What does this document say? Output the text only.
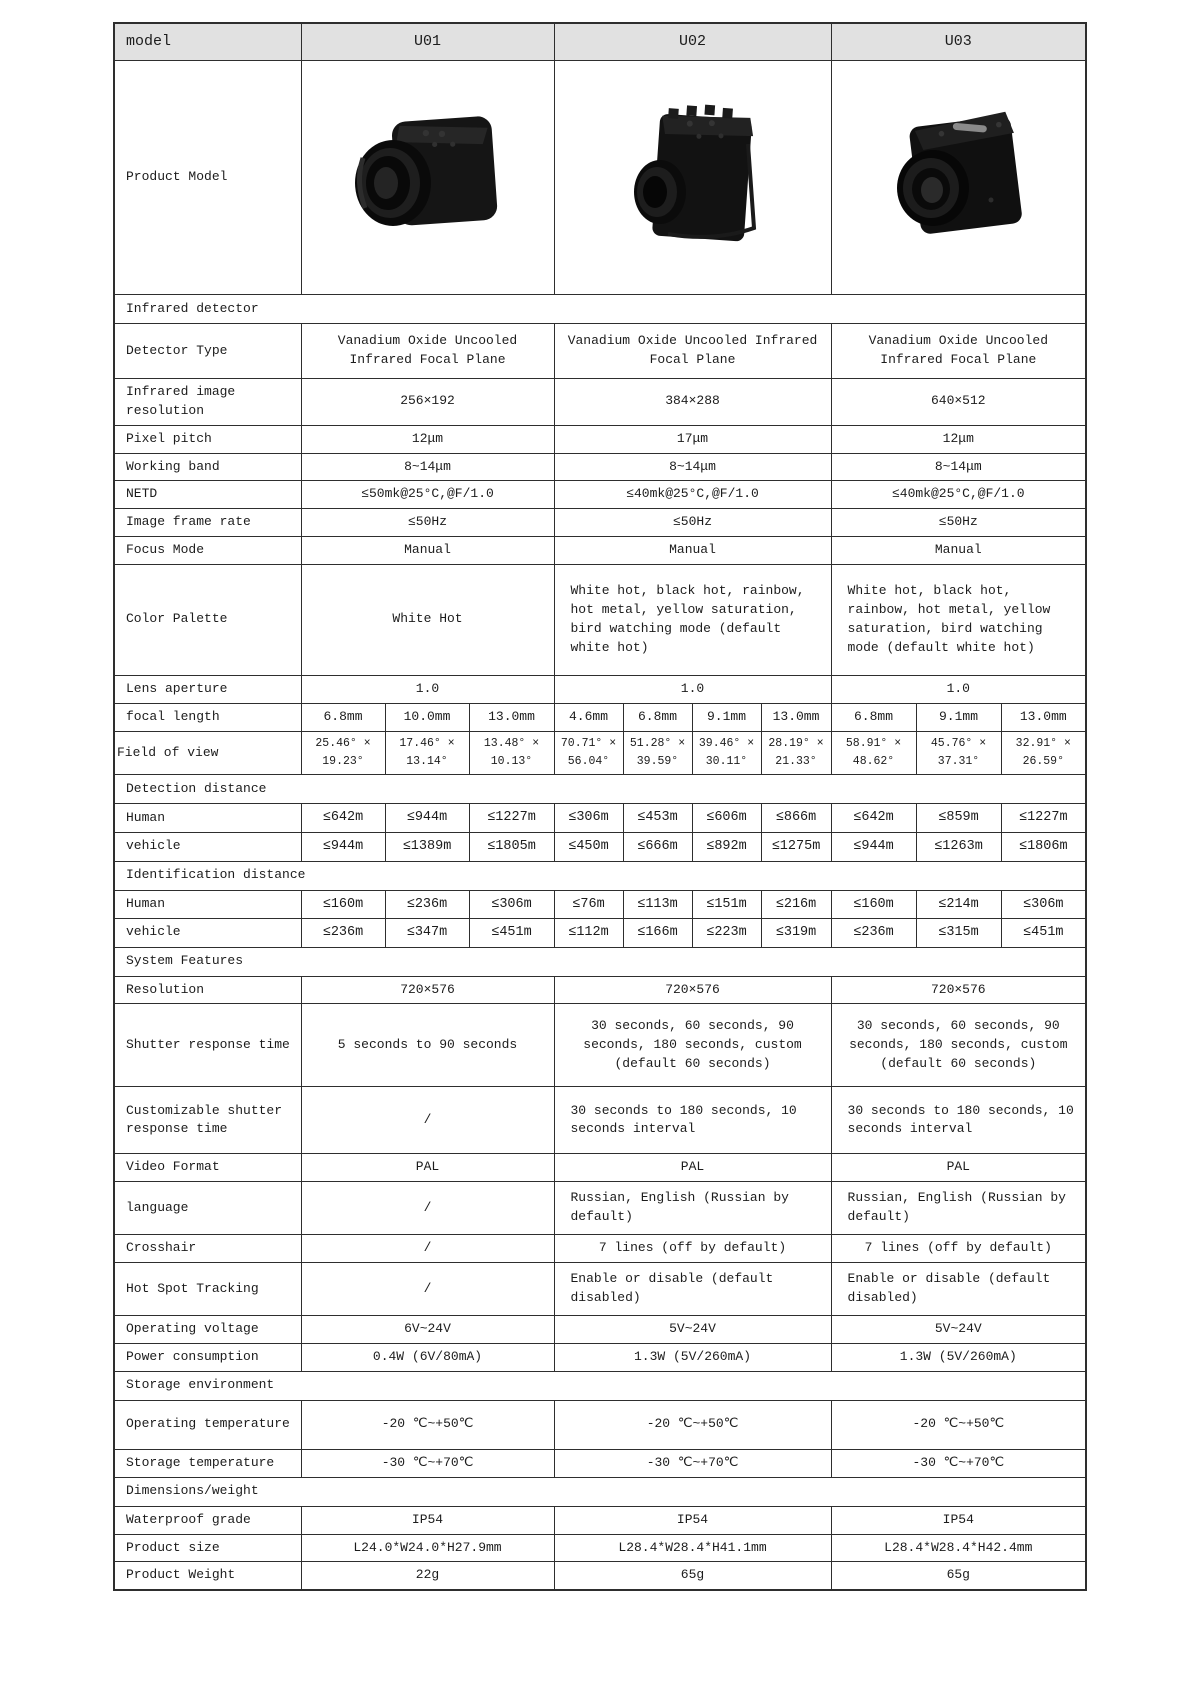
model	U01			U02				U03		
Product Model	

Infrared detector										
Detector Type	Vanadium Oxide Uncooled Infrared Focal Plane			Vanadium Oxide Uncooled Infrared Focal Plane				Vanadium Oxide Uncooled Infrared Focal Plane		
Infrared image resolution	256×192			384×288				640×512		
Pixel pitch	12μm			17μm				12μm		
Working band	8~14μm			8~14μm				8~14μm		
NETD	≤50mk@25°C,@F/1.0			≤40mk@25°C,@F/1.0				≤40mk@25°C,@F/1.0		
Image frame rate	≤50Hz			≤50Hz				≤50Hz		
Focus Mode	Manual			Manual				Manual		
Color Palette	White Hot			White hot, black hot, rainbow, hot metal, yellow saturation, bird watching mode (default white hot)				White hot, black hot, rainbow, hot metal, yellow saturation, bird watching mode (default white hot)		
Lens aperture	1.0			1.0				1.0		
focal length	6.8mm	10.0mm	13.0mm	4.6mm	6.8mm	9.1mm	13.0mm	6.8mm	9.1mm	13.0mm
Field of view	25.46° × 19.23°	17.46° × 13.14°	13.48° × 10.13°	70.71° × 56.04°	51.28° × 39.59°	39.46° × 30.11°	28.19° × 21.33°	58.91° × 48.62°	45.76° × 37.31°	32.91° × 26.59°
Detection distance										
Human	≤642m	≤944m	≤1227m	≤306m	≤453m	≤606m	≤866m	≤642m	≤859m	≤1227m
vehicle	≤944m	≤1389m	≤1805m	≤450m	≤666m	≤892m	≤1275m	≤944m	≤1263m	≤1806m
Identification distance										
Human	≤160m	≤236m	≤306m	≤76m	≤113m	≤151m	≤216m	≤160m	≤214m	≤306m
vehicle	≤236m	≤347m	≤451m	≤112m	≤166m	≤223m	≤319m	≤236m	≤315m	≤451m
System Features										
Resolution	720×576			720×576				720×576		
Shutter response time	5 seconds to 90 seconds			30 seconds, 60 seconds, 90 seconds, 180 seconds, custom (default 60 seconds)				30 seconds, 60 seconds, 90 seconds, 180 seconds, custom (default 60 seconds)		
Customizable shutter response time	/			30 seconds to 180 seconds, 10 seconds interval				30 seconds to 180 seconds, 10 seconds interval		
Video Format	PAL			PAL				PAL		
language	/			Russian, English (Russian by default)				Russian, English (Russian by default)		
Crosshair	/			7 lines (off by default)				7 lines (off by default)		
Hot Spot Tracking	/			Enable or disable (default disabled)				Enable or disable (default disabled)		
Operating voltage	6V~24V			5V~24V				5V~24V		
Power consumption	0.4W (6V/80mA)			1.3W (5V/260mA)				1.3W (5V/260mA)		
Storage environment										
Operating temperature	-20 ℃~+50℃			-20 ℃~+50℃				-20 ℃~+50℃		
Storage temperature	-30 ℃~+70℃			-30 ℃~+70℃				-30 ℃~+70℃		
Dimensions/weight										
Waterproof grade	IP54			IP54				IP54		
Product size	L24.0*W24.0*H27.9mm			L28.4*W28.4*H41.1mm				L28.4*W28.4*H42.4mm		
Product Weight	22g			65g				65g		
